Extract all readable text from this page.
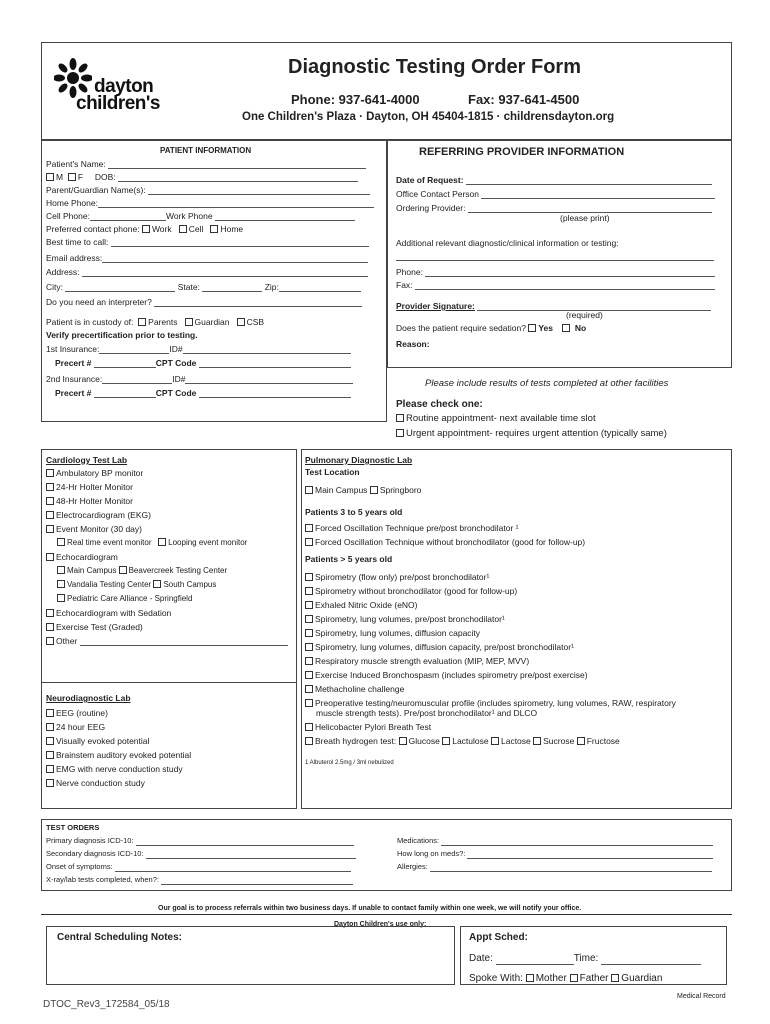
dayton
children's
Diagnostic Testing Order Form
Phone: 937-641-4000	Fax: 937-641-4500
One Children's Plaza · Dayton, OH 45404-1815 · childrensdayton.org
PATIENT INFORMATION
Patient's Name:
M F DOB:
Parent/Guardian Name(s):
Home Phone:
Cell Phone:	Work Phone
Preferred contact phone: Work Cell Home
Best time to call:
Email address:
Address:
City:	State:	Zip:
Do you need an interpreter?
Patient is in custody of: Parents Guardian CSB
Verify precertification prior to testing.
1st Insurance:	ID#
Precert #	CPT Code
2nd Insurance:	ID#
Precert #	CPT Code
REFERRING PROVIDER INFORMATION
Date of Request:
Office Contact Person
Ordering Provider:
(please print)
Additional relevant diagnostic/clinical information or testing:
Phone:
Fax:
Provider Signature:
(required)
Does the patient require sedation? Yes	No
Reason:
Please include results of tests completed at other facilities
Please check one:
Routine appointment- next available time slot
Urgent appointment- requires urgent attention (typically same)
Cardiology Test Lab
Ambulatory BP monitor
24-Hr Holter Monitor
48-Hr Holter Monitor
Electrocardiogram (EKG)
Event Monitor (30 day)
Real time event monitor Looping event monitor
Echocardiogram
Main Campus Beavercreek Testing Center
Vandalia Testing Center South Campus
Pediatric Care Alliance - Springfield
Echocardiogram with Sedation
Exercise Test (Graded)
Other
Neurodiagnostic Lab
EEG (routine)
24 hour EEG
Visually evoked potential
Brainstem auditory evoked potential
EMG with nerve conduction study
Nerve conduction study
Pulmonary Diagnostic Lab
Test Location
Main Campus Springboro
Patients 3 to 5 years old
Forced Oscillation Technique pre/post bronchodilator ¹
Forced Oscillation Technique without bronchodilator (good for follow-up)
Patients > 5 years old
Spirometry (flow only) pre/post bronchodilator¹
Spirometry without bronchodilator (good for follow-up)
Exhaled Nitric Oxide (eNO)
Spirometry, lung volumes, pre/post bronchodilator¹
Spirometry, lung volumes, diffusion capacity
Spirometry, lung volumes, diffusion capacity, pre/post bronchodilator¹
Respiratory muscle strength evaluation (MIP, MEP, MVV)
Exercise Induced Bronchospasm (includes spirometry pre/post exercise)
Methacholine challenge
Preoperative testing/neuromuscular profile (includes spirometry, lung volumes, RAW, respiratory
muscle strength tests). Pre/post bronchodilator¹ and DLCO
Helicobacter Pylori Breath Test
Breath hydrogen test: Glucose Lactulose Lactose Sucrose Fructose
1 Albuterol 2.5mg / 3ml nebulized
TEST ORDERS
Primary diagnosis ICD-10:
Secondary diagnosis ICD-10:
Onset of symptoms:
X-ray/lab tests completed, when?:
Medications:
How long on meds?:
Allergies:
Our goal is to process referrals within two business days. If unable to contact family within one week, we will notify your office.
Dayton Children's use only:
Central Scheduling Notes:	Appt Sched:
Date:	Time:
Spoke With: Mother Father Guardian
Medical Record
DTOC_Rev3_172584_05/18
